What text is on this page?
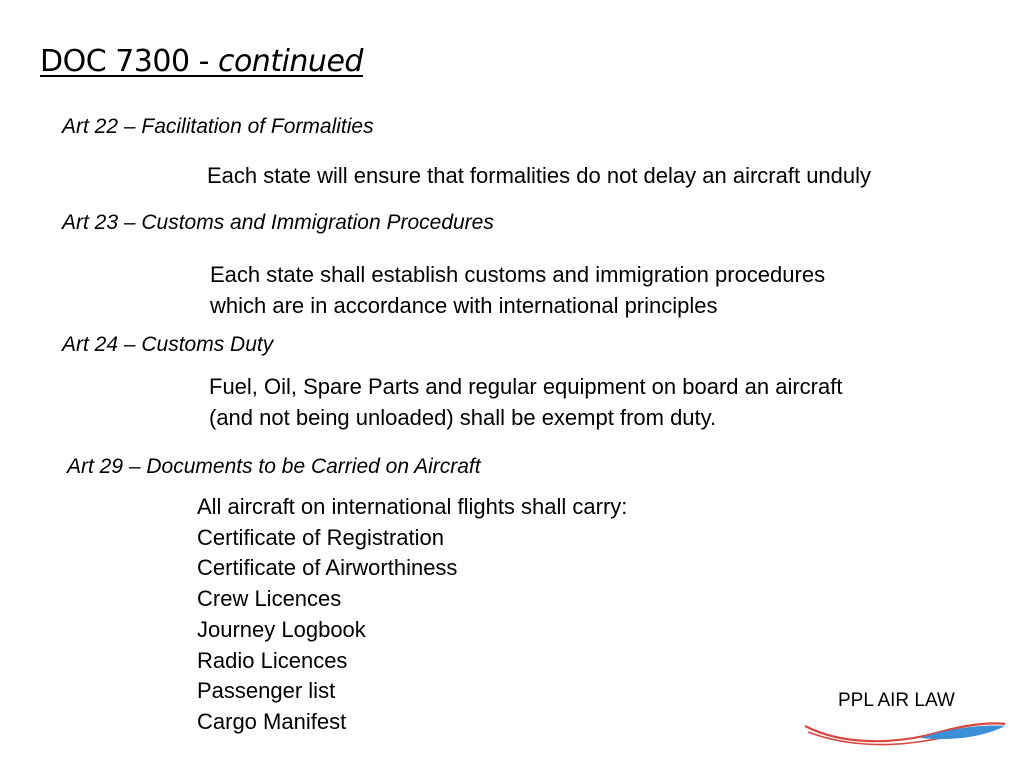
DOC 7300 - continued
Art 22 – Facilitation of Formalities
Each state will ensure that formalities do not delay an aircraft unduly
Art 23 – Customs and Immigration Procedures
Each state shall establish customs and immigration procedures
which are in accordance with international principles
Art 24 – Customs Duty
Fuel, Oil, Spare Parts and regular equipment on board an aircraft
(and not being unloaded) shall be exempt from duty.
Art 29 – Documents to be Carried on Aircraft
All aircraft on international flights shall carry:
Certificate of Registration
Certificate of Airworthiness
Crew Licences
Journey Logbook
Radio Licences
Passenger list
Cargo Manifest
PPL AIR LAW
